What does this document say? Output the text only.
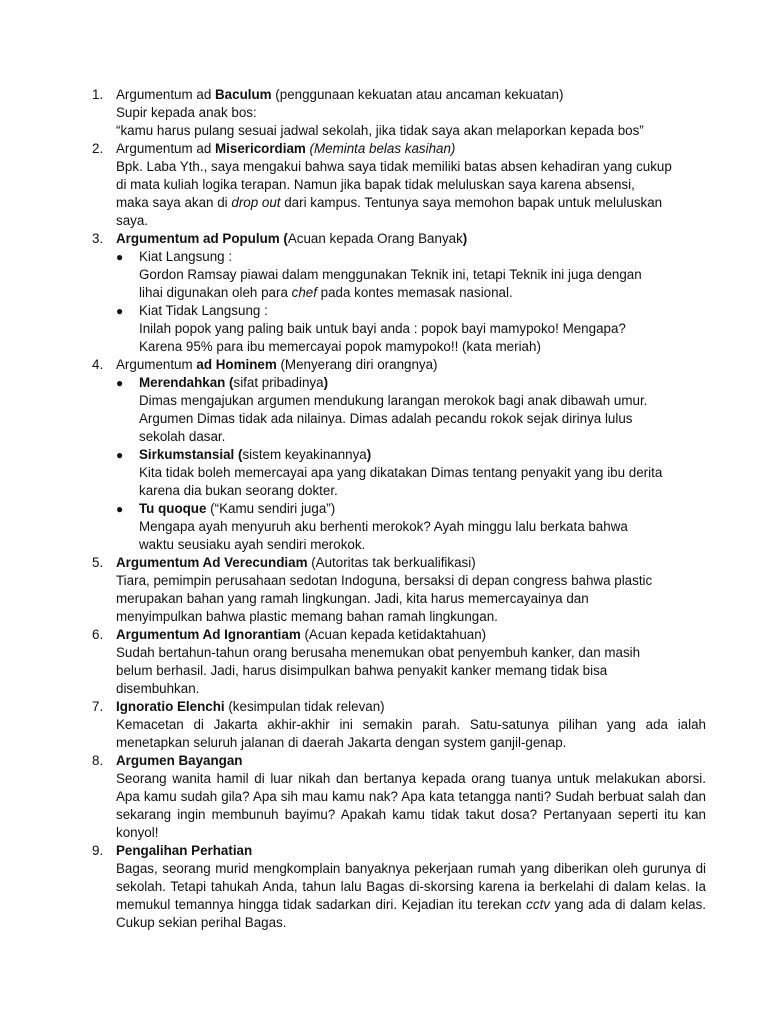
1. Argumentum ad Baculum (penggunaan kekuatan atau ancaman kekuatan)
Supir kepada anak bos:
“kamu harus pulang sesuai jadwal sekolah, jika tidak saya akan melaporkan kepada bos”
2. Argumentum ad Misericordiam (Meminta belas kasihan)
Bpk. Laba Yth., saya mengakui bahwa saya tidak memiliki batas absen kehadiran yang cukup
di mata kuliah logika terapan. Namun jika bapak tidak meluluskan saya karena absensi,
maka saya akan di drop out dari kampus. Tentunya saya memohon bapak untuk meluluskan
saya.
3. Argumentum ad Populum (Acuan kepada Orang Banyak)
● Kiat Langsung :
Gordon Ramsay piawai dalam menggunakan Teknik ini, tetapi Teknik ini juga dengan
lihai digunakan oleh para chef pada kontes memasak nasional.
● Kiat Tidak Langsung :
Inilah popok yang paling baik untuk bayi anda : popok bayi mamypoko! Mengapa?
Karena 95% para ibu memercayai popok mamypoko!! (kata meriah)
4. Argumentum ad Hominem (Menyerang diri orangnya)
● Merendahkan (sifat pribadinya)
Dimas mengajukan argumen mendukung larangan merokok bagi anak dibawah umur.
Argumen Dimas tidak ada nilainya. Dimas adalah pecandu rokok sejak dirinya lulus
sekolah dasar.
● Sirkumstansial (sistem keyakinannya)
Kita tidak boleh memercayai apa yang dikatakan Dimas tentang penyakit yang ibu derita
karena dia bukan seorang dokter.
● Tu quoque (“Kamu sendiri juga”)
Mengapa ayah menyuruh aku berhenti merokok? Ayah minggu lalu berkata bahwa
waktu seusiaku ayah sendiri merokok.
5. Argumentum Ad Verecundiam (Autoritas tak berkualifikasi)
Tiara, pemimpin perusahaan sedotan Indoguna, bersaksi di depan congress bahwa plastic
merupakan bahan yang ramah lingkungan. Jadi, kita harus memercayainya dan
menyimpulkan bahwa plastic memang bahan ramah lingkungan.
6. Argumentum Ad Ignorantiam (Acuan kepada ketidaktahuan)
Sudah bertahun-tahun orang berusaha menemukan obat penyembuh kanker, dan masih
belum berhasil. Jadi, harus disimpulkan bahwa penyakit kanker memang tidak bisa
disembuhkan.
7. Ignoratio Elenchi (kesimpulan tidak relevan)
Kemacetan di Jakarta akhir-akhir ini semakin parah. Satu-satunya pilihan yang ada ialah menetapkan seluruh jalanan di daerah Jakarta dengan system ganjil-genap.
8. Argumen Bayangan
Seorang wanita hamil di luar nikah dan bertanya kepada orang tuanya untuk melakukan aborsi. Apa kamu sudah gila? Apa sih mau kamu nak? Apa kata tetangga nanti? Sudah berbuat salah dan sekarang ingin membunuh bayimu? Apakah kamu tidak takut dosa? Pertanyaan seperti itu kan konyol!
9. Pengalihan Perhatian
Bagas, seorang murid mengkomplain banyaknya pekerjaan rumah yang diberikan oleh gurunya di sekolah. Tetapi tahukah Anda, tahun lalu Bagas di-skorsing karena ia berkelahi di dalam kelas. Ia memukul temannya hingga tidak sadarkan diri. Kejadian itu terekan cctv yang ada di dalam kelas. Cukup sekian perihal Bagas.
